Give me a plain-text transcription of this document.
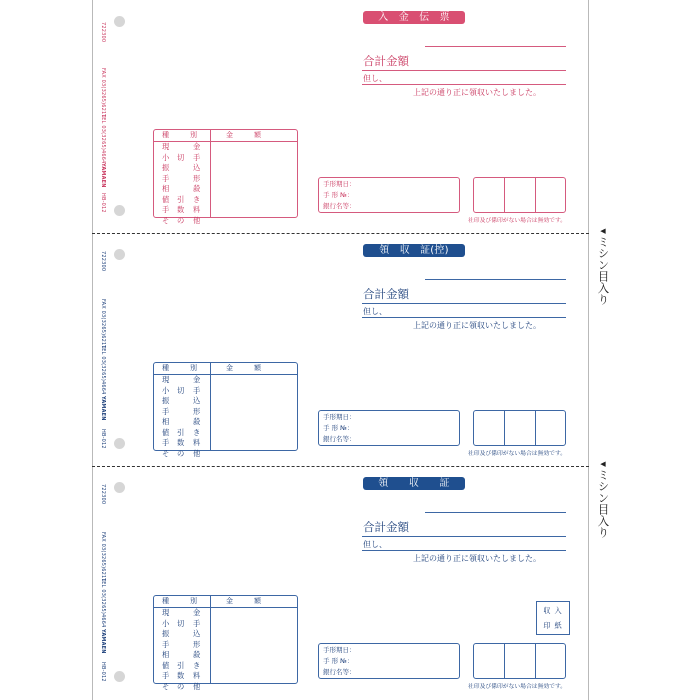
◀
ミシン目入り
◀
ミシン目入り
722300
FAX 03(3265)6211
TEL 03(3265)4664
YAMAEN
HB-012
入　金　伝　票
合計金額
但し、
上記の通り正に領収いたしました。
種　　　別	金　　　額
現	金
小 切 手
振	込
手	形
相	殺
値 引 き
手 数 料
そ の 他
手形期日：
手 形 №：
銀行名等：
社印及び係印がない場合は無効です。
722300
FAX 03(3265)6211
TEL 03(3265)4664
YAMAEN
HB-012
領　収　証(控)
合計金額
但し、
上記の通り正に領収いたしました。
種　　　別	金　　　額
現	金
小 切 手
振	込
手	形
相	殺
値 引 き
手 数 料
そ の 他
手形期日：
手 形 №：
銀行名等：
社印及び係印がない場合は無効です。
722300
FAX 03(3265)6211
TEL 03(3265)4664
YAMAEN
HB-012
領　　収　　証
合計金額
但し、
上記の通り正に領収いたしました。
収入
印紙
種　　　別	金　　　額
現	金
小 切 手
振	込
手	形
相	殺
値 引 き
手 数 料
そ の 他
手形期日：
手 形 №：
銀行名等：
社印及び係印がない場合は無効です。
